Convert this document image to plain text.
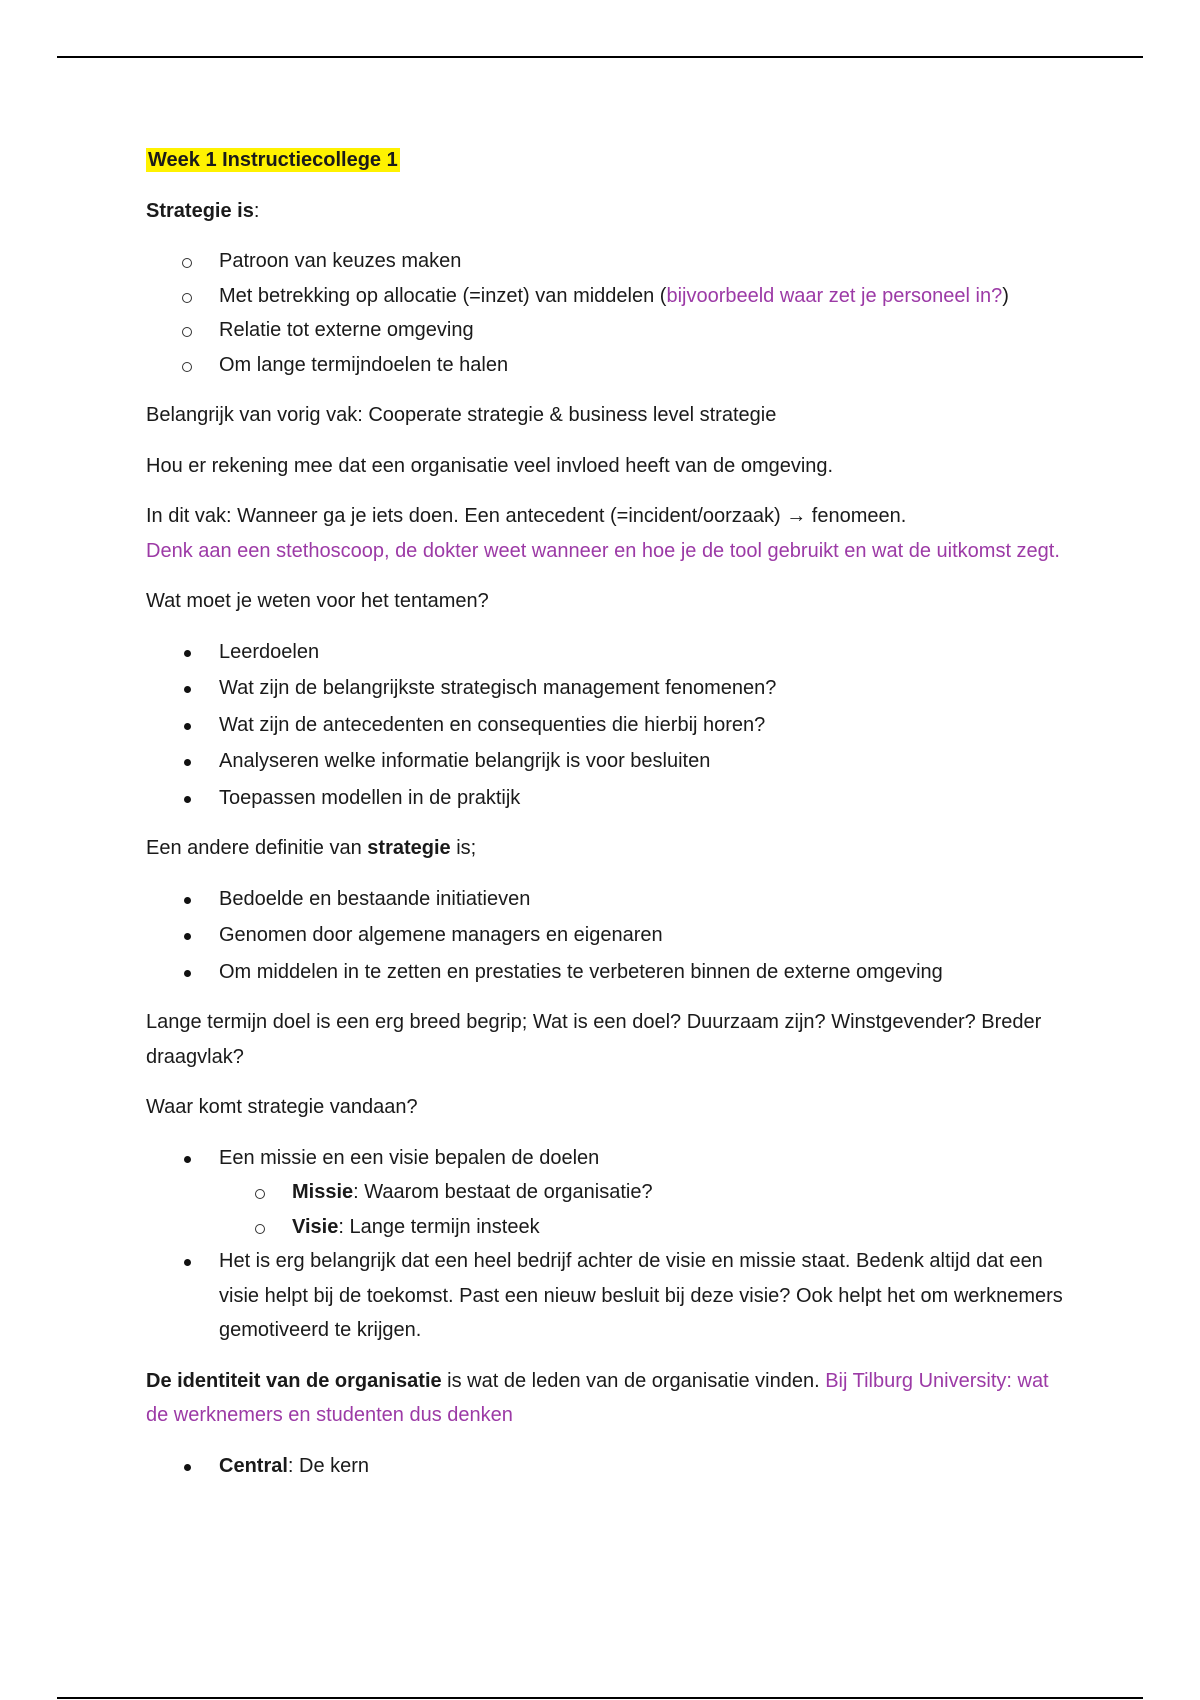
Week 1 Instructiecollege 1

Strategie is:

Patroon van keuzes maken
Met betrekking op allocatie (=inzet) van middelen (bijvoorbeeld waar zet je personeel in?)
Relatie tot externe omgeving
Om lange termijndoelen te halen

Belangrijk van vorig vak: Cooperate strategie & business level strategie

Hou er rekening mee dat een organisatie veel invloed heeft van de omgeving.

In dit vak: Wanneer ga je iets doen. Een antecedent (=incident/oorzaak) → fenomeen.
Denk aan een stethoscoop, de dokter weet wanneer en hoe je de tool gebruikt en wat de uitkomst zegt.

Wat moet je weten voor het tentamen?

Leerdoelen
Wat zijn de belangrijkste strategisch management fenomenen?
Wat zijn de antecedenten en consequenties die hierbij horen?
Analyseren welke informatie belangrijk is voor besluiten
Toepassen modellen in de praktijk

Een andere definitie van strategie is;

Bedoelde en bestaande initiatieven
Genomen door algemene managers en eigenaren
Om middelen in te zetten en prestaties te verbeteren binnen de externe omgeving

Lange termijn doel is een erg breed begrip; Wat is een doel? Duurzaam zijn? Winstgevender? Breder draagvlak?

Waar komt strategie vandaan?

Een missie en een visie bepalen de doelen
Missie: Waarom bestaat de organisatie?
Visie: Lange termijn insteek
Het is erg belangrijk dat een heel bedrijf achter de visie en missie staat. Bedenk altijd dat een visie helpt bij de toekomst. Past een nieuw besluit bij deze visie? Ook helpt het om werknemers gemotiveerd te krijgen.

De identiteit van de organisatie is wat de leden van de organisatie vinden. Bij Tilburg University: wat de werknemers en studenten dus denken

Central: De kern
